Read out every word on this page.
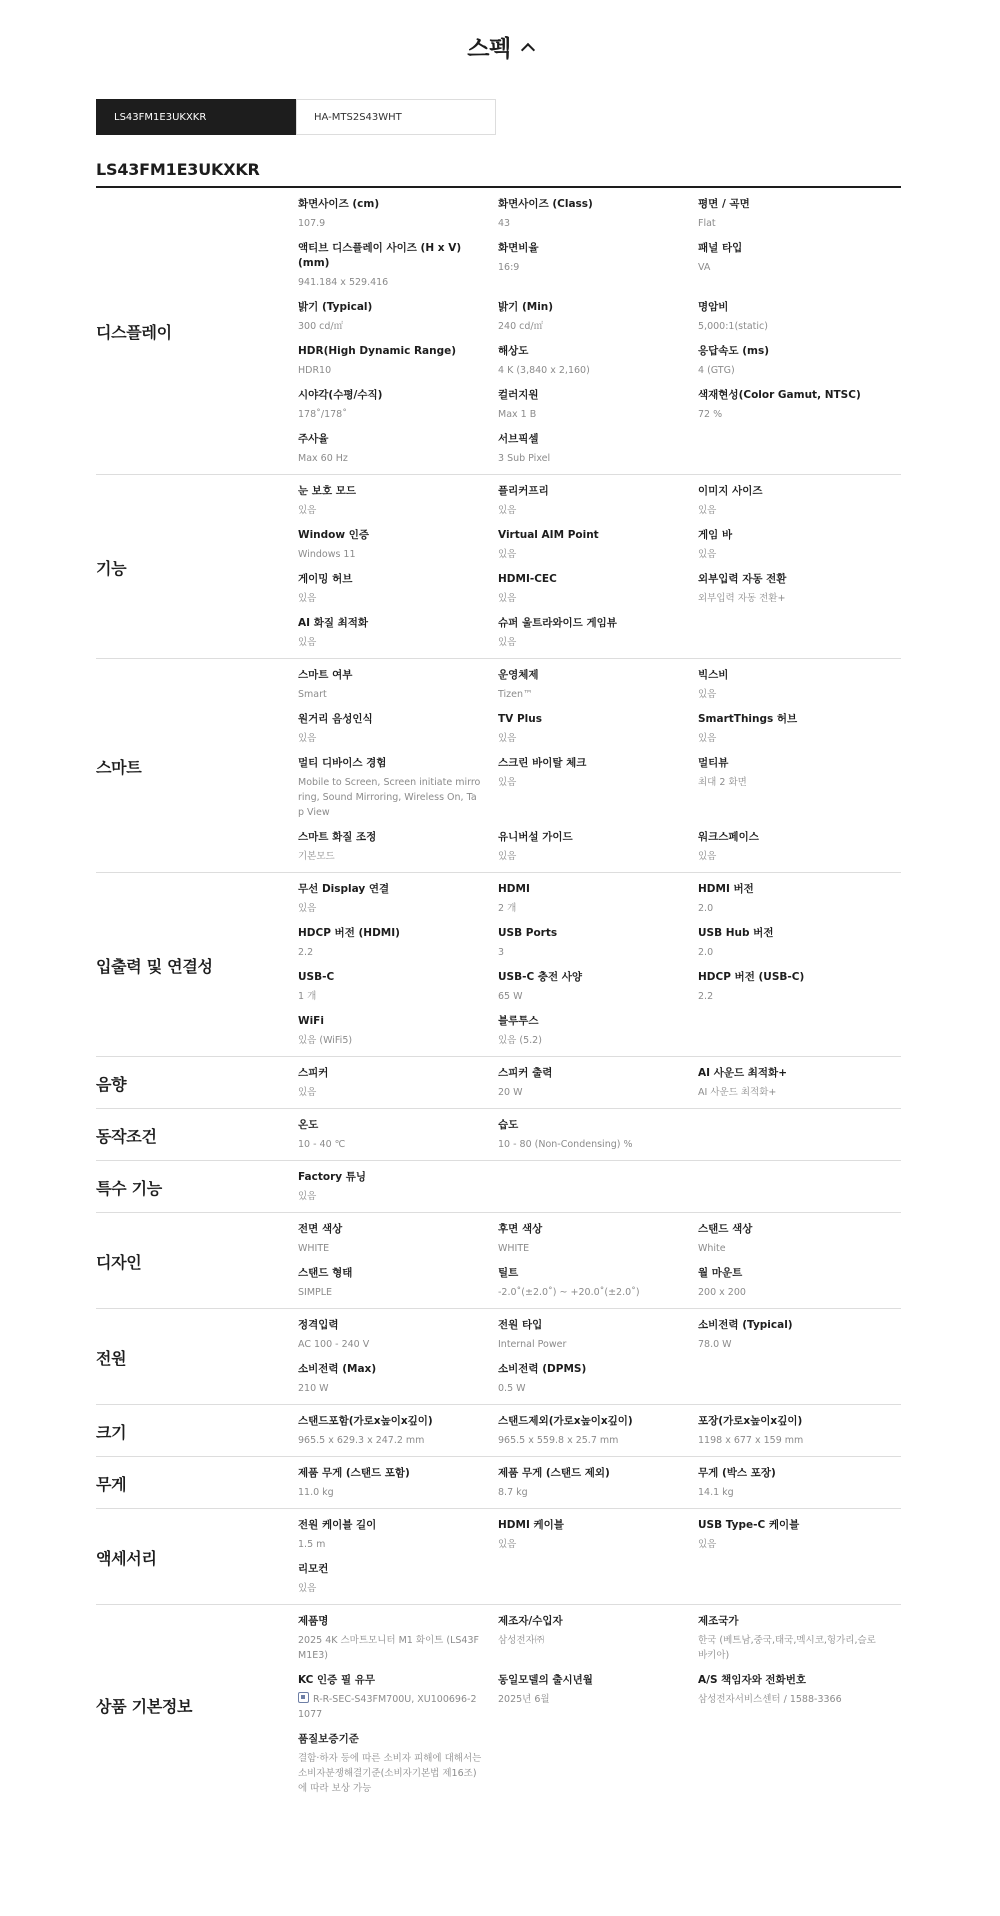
스펙
LS43FM1E3UKXKR	HA-MTS2S43WHT
LS43FM1E3UKXKR
디스플레이
화면사이즈 (cm)
107.9
화면사이즈 (Class)
43
평면 / 곡면
Flat
액티브 디스플레이 사이즈 (H x V) (mm)
941.184 x 529.416
화면비율
16:9
패널 타입
VA
밝기 (Typical)
300 cd/㎡
밝기 (Min)
240 cd/㎡
명암비
5,000:1(static)
HDR(High Dynamic Range)
HDR10
해상도
4 K (3,840 x 2,160)
응답속도 (ms)
4 (GTG)
시야각(수평/수직)
178˚/178˚
컬러지원
Max 1 B
색재현성(Color Gamut, NTSC)
72 %
주사율
Max 60 Hz
서브픽셀
3 Sub Pixel
기능
눈 보호 모드
있음
플리커프리
있음
이미지 사이즈
있음
Window 인증
Windows 11
Virtual AIM Point
있음
게임 바
있음
게이밍 허브
있음
HDMI-CEC
있음
외부입력 자동 전환
외부입력 자동 전환+
AI 화질 최적화
있음
슈퍼 울트라와이드 게임뷰
있음
스마트
스마트 여부
Smart
운영체제
Tizen™
빅스비
있음
원거리 음성인식
있음
TV Plus
있음
SmartThings 허브
있음
멀티 디바이스 경험
Mobile to Screen, Screen initiate mirroring, Sound Mirroring, Wireless On, Tap View
스크린 바이탈 체크
있음
멀티뷰
최대 2 화면
스마트 화질 조정
기본모드
유니버설 가이드
있음
워크스페이스
있음
입출력 및 연결성
무선 Display 연결
있음
HDMI
2 개
HDMI 버전
2.0
HDCP 버전 (HDMI)
2.2
USB Ports
3
USB Hub 버전
2.0
USB-C
1 개
USB-C 충전 사양
65 W
HDCP 버전 (USB-C)
2.2
WiFi
있음 (WiFi5)
블루투스
있음 (5.2)
음향
스피커
있음
스피커 출력
20 W
AI 사운드 최적화+
AI 사운드 최적화+
동작조건
온도
10 - 40 ℃
습도
10 - 80 (Non-Condensing) %
특수 기능
Factory 튜닝
있음
디자인
전면 색상
WHITE
후면 색상
WHITE
스탠드 색상
White
스탠드 형태
SIMPLE
틸트
-2.0˚(±2.0˚) ~ +20.0˚(±2.0˚)
월 마운트
200 x 200
전원
정격입력
AC 100 - 240 V
전원 타입
Internal Power
소비전력 (Typical)
78.0 W
소비전력 (Max)
210 W
소비전력 (DPMS)
0.5 W
크기
스탠드포함(가로x높이x깊이)
965.5 x 629.3 x 247.2 mm
스탠드제외(가로x높이x깊이)
965.5 x 559.8 x 25.7 mm
포장(가로x높이x깊이)
1198 x 677 x 159 mm
무게
제품 무게 (스탠드 포함)
11.0 kg
제품 무게 (스탠드 제외)
8.7 kg
무게 (박스 포장)
14.1 kg
액세서리
전원 케이블 길이
1.5 m
HDMI 케이블
있음
USB Type-C 케이블
있음
리모컨
있음
상품 기본정보
제품명
2025 4K 스마트모니터 M1 화이트 (LS43FM1E3)
제조자/수입자
삼성전자㈜
제조국가
한국 (베트남,중국,태국,멕시코,헝가리,슬로바키아)
KC 인증 필 유무
R-R-SEC-S43FM700U, XU100696-21077
동일모델의 출시년월
2025년 6월
A/S 책임자와 전화번호
삼성전자서비스센터 / 1588-3366
품질보증기준
결함·하자 등에 따른 소비자 피해에 대해서는 소비자분쟁해결기준(소비자기본법 제16조)에 따라 보상 가능
